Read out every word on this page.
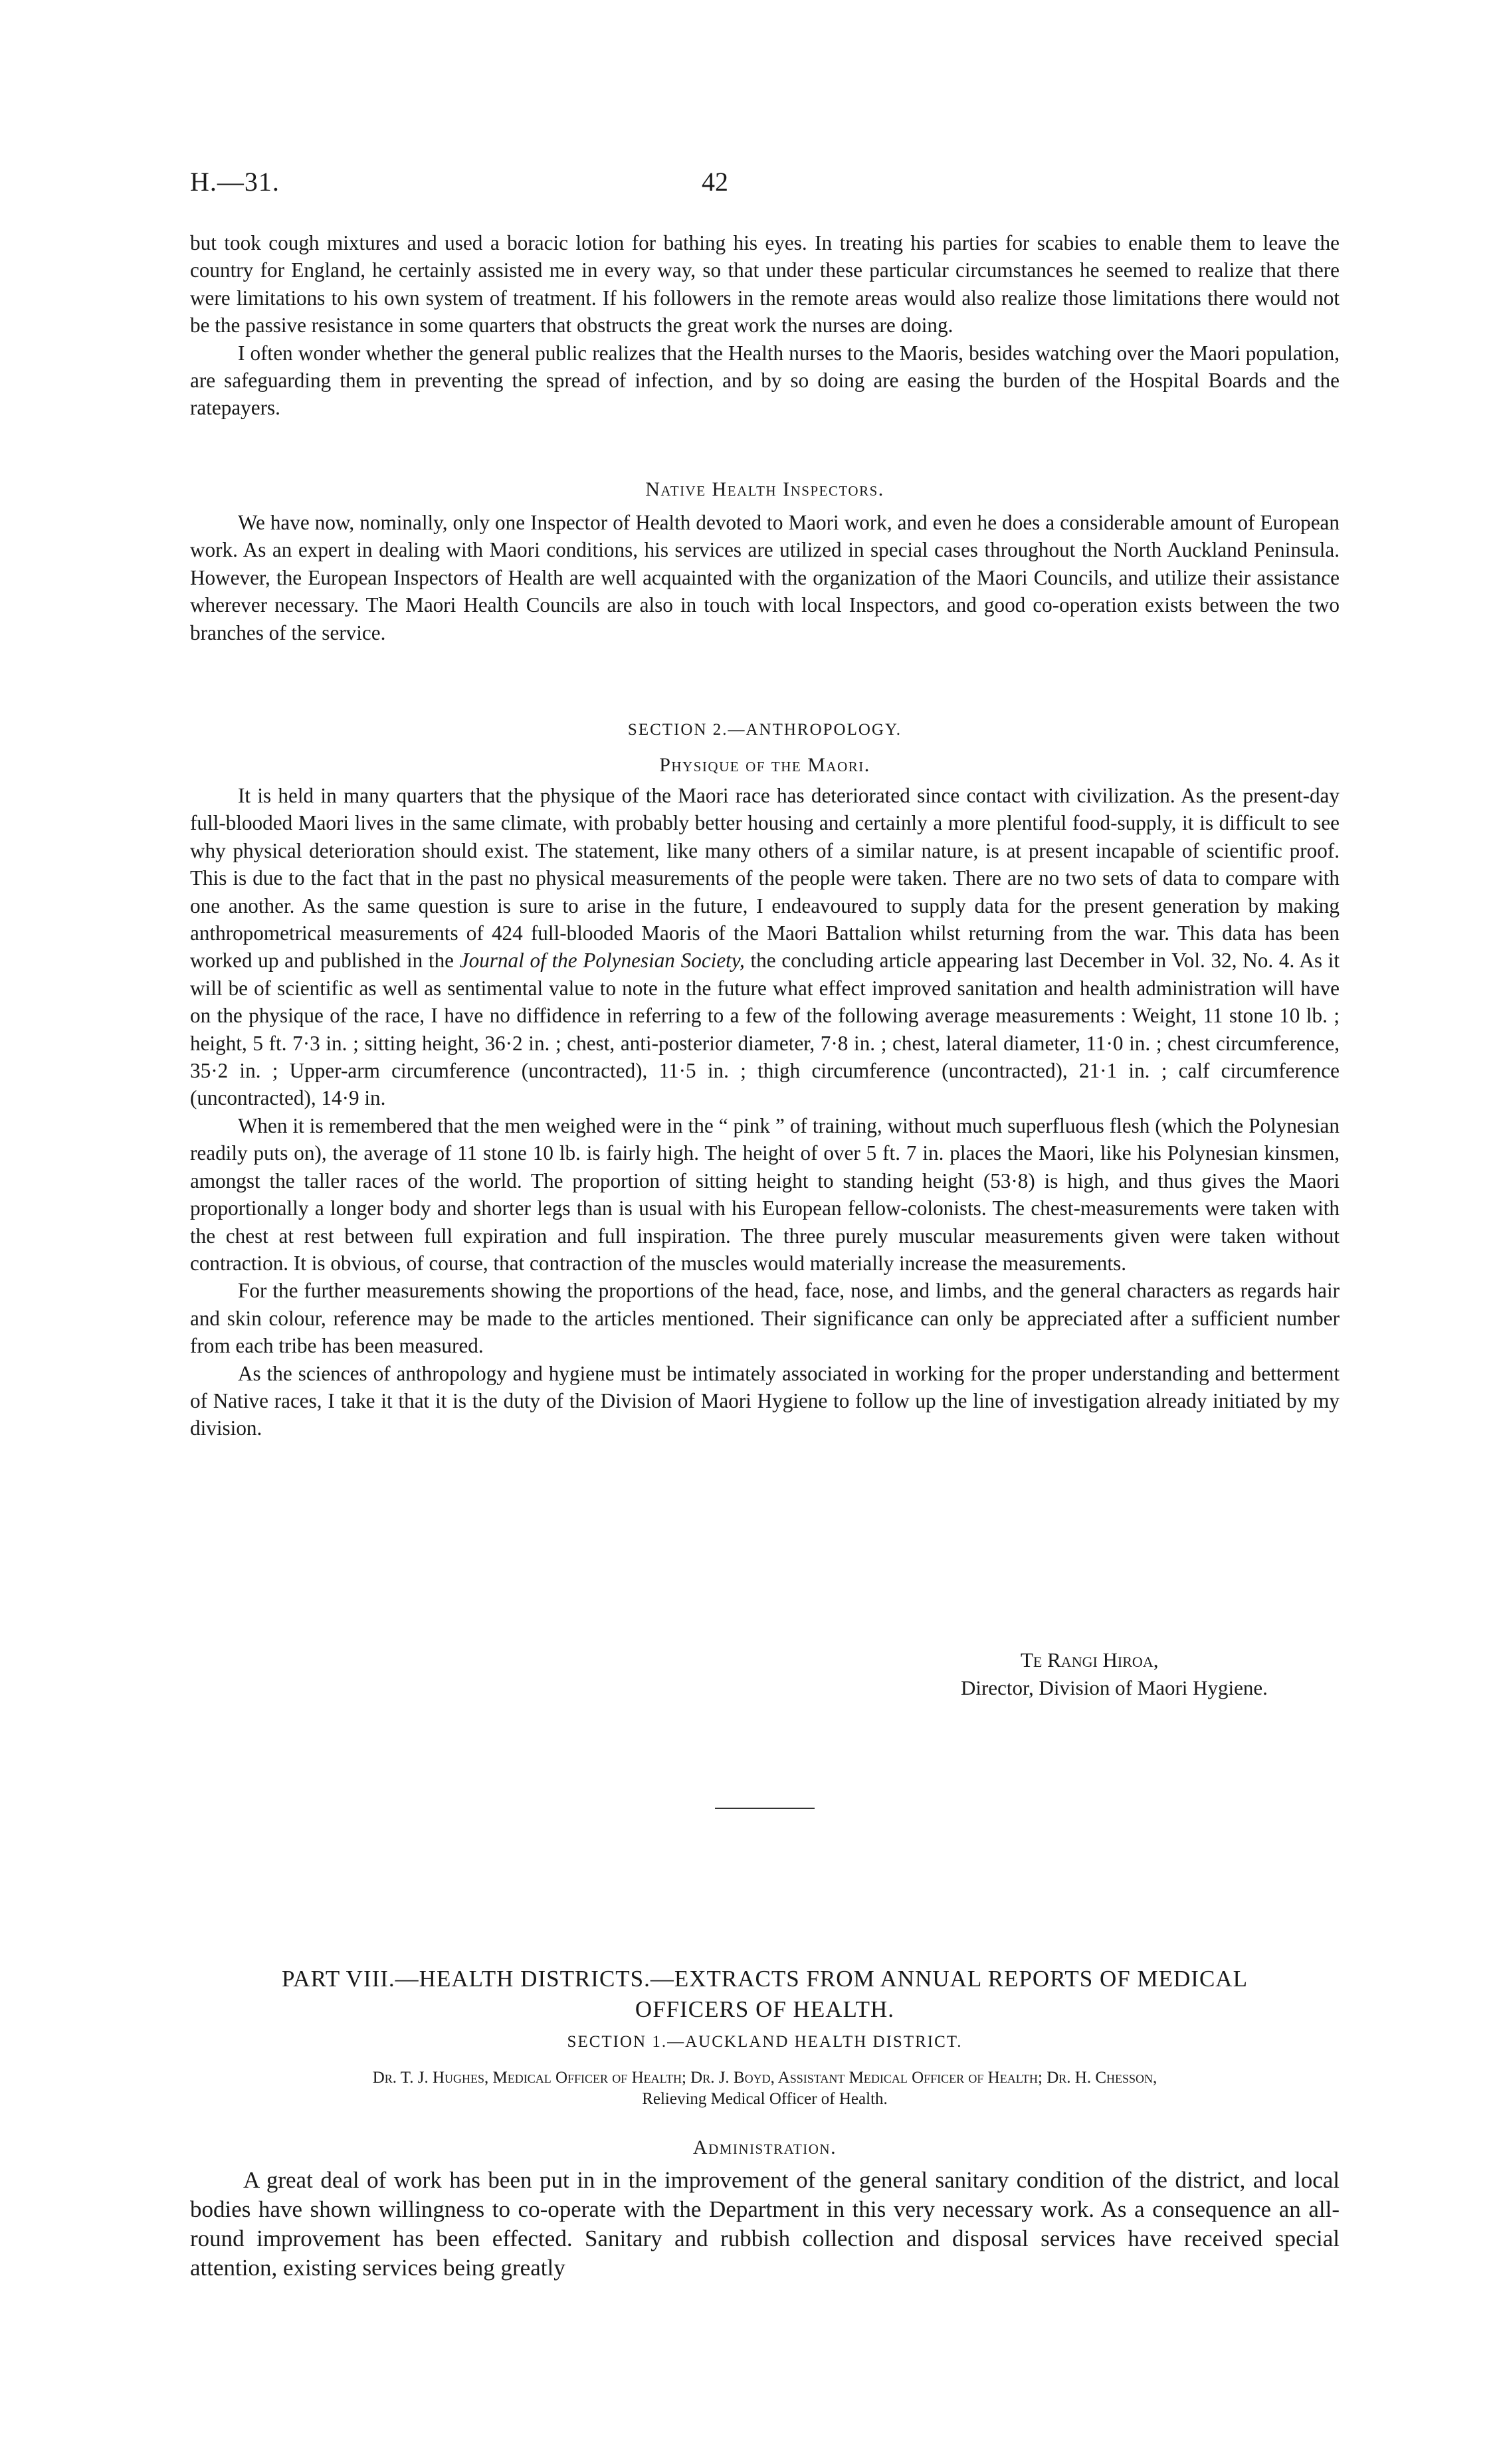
H.—31.	42

but took cough mixtures and used a boracic lotion for bathing his eyes. In treating his parties for scabies to enable them to leave the country for England, he certainly assisted me in every way, so that under these particular circumstances he seemed to realize that there were limitations to his own system of treatment. If his followers in the remote areas would also realize those limitations there would not be the passive resistance in some quarters that obstructs the great work the nurses are doing.

I often wonder whether the general public realizes that the Health nurses to the Maoris, besides watching over the Maori population, are safeguarding them in preventing the spread of infection, and by so doing are easing the burden of the Hospital Boards and the ratepayers.

Native Health Inspectors.

We have now, nominally, only one Inspector of Health devoted to Maori work, and even he does a considerable amount of European work. As an expert in dealing with Maori conditions, his services are utilized in special cases throughout the North Auckland Peninsula. However, the European Inspectors of Health are well acquainted with the organization of the Maori Councils, and utilize their assistance wherever necessary. The Maori Health Councils are also in touch with local Inspectors, and good co-operation exists between the two branches of the service.

SECTION 2.—ANTHROPOLOGY.
Physique of the Maori.

It is held in many quarters that the physique of the Maori race has deteriorated since contact with civilization. As the present-day full-blooded Maori lives in the same climate, with probably better housing and certainly a more plentiful food-supply, it is difficult to see why physical deterioration should exist. The statement, like many others of a similar nature, is at present incapable of scientific proof. This is due to the fact that in the past no physical measurements of the people were taken. There are no two sets of data to compare with one another. As the same question is sure to arise in the future, I endeavoured to supply data for the present generation by making anthropometrical measurements of 424 full-blooded Maoris of the Maori Battalion whilst returning from the war. This data has been worked up and published in the Journal of the Polynesian Society, the concluding article appearing last December in Vol. 32, No. 4. As it will be of scientific as well as sentimental value to note in the future what effect improved sanitation and health administration will have on the physique of the race, I have no diffidence in referring to a few of the following average measurements : Weight, 11 stone 10 lb. ; height, 5 ft. 7·3 in. ; sitting height, 36·2 in. ; chest, anti-posterior diameter, 7·8 in. ; chest, lateral diameter, 11·0 in. ; chest circumference, 35·2 in. ; Upper-arm circumference (uncontracted), 11·5 in. ; thigh circumference (uncontracted), 21·1 in. ; calf circumference (uncontracted), 14·9 in.

When it is remembered that the men weighed were in the “ pink ” of training, without much superfluous flesh (which the Polynesian readily puts on), the average of 11 stone 10 lb. is fairly high. The height of over 5 ft. 7 in. places the Maori, like his Polynesian kinsmen, amongst the taller races of the world. The proportion of sitting height to standing height (53·8) is high, and thus gives the Maori proportionally a longer body and shorter legs than is usual with his European fellow-colonists. The chest-measurements were taken with the chest at rest between full expiration and full inspiration. The three purely muscular measurements given were taken without contraction. It is obvious, of course, that contraction of the muscles would materially increase the measurements.

For the further measurements showing the proportions of the head, face, nose, and limbs, and the general characters as regards hair and skin colour, reference may be made to the articles mentioned. Their significance can only be appreciated after a sufficient number from each tribe has been measured.

As the sciences of anthropology and hygiene must be intimately associated in working for the proper understanding and betterment of Native races, I take it that it is the duty of the Division of Maori Hygiene to follow up the line of investigation already initiated by my division.

Te Rangi Hiroa,
Director, Division of Maori Hygiene.
PART VIII.—HEALTH DISTRICTS.—EXTRACTS FROM ANNUAL REPORTS OF MEDICAL
OFFICERS OF HEALTH.
SECTION 1.—AUCKLAND HEALTH DISTRICT.
Dr. T. J. Hughes, Medical Officer of Health; Dr. J. Boyd, Assistant Medical Officer of Health; Dr. H. Chesson,
Relieving Medical Officer of Health.
Administration.

A great deal of work has been put in in the improvement of the general sanitary condition of the district, and local bodies have shown willingness to co-operate with the Department in this very necessary work. As a consequence an all-round improvement has been effected. Sanitary and rubbish collection and disposal services have received special attention, existing services being greatly
